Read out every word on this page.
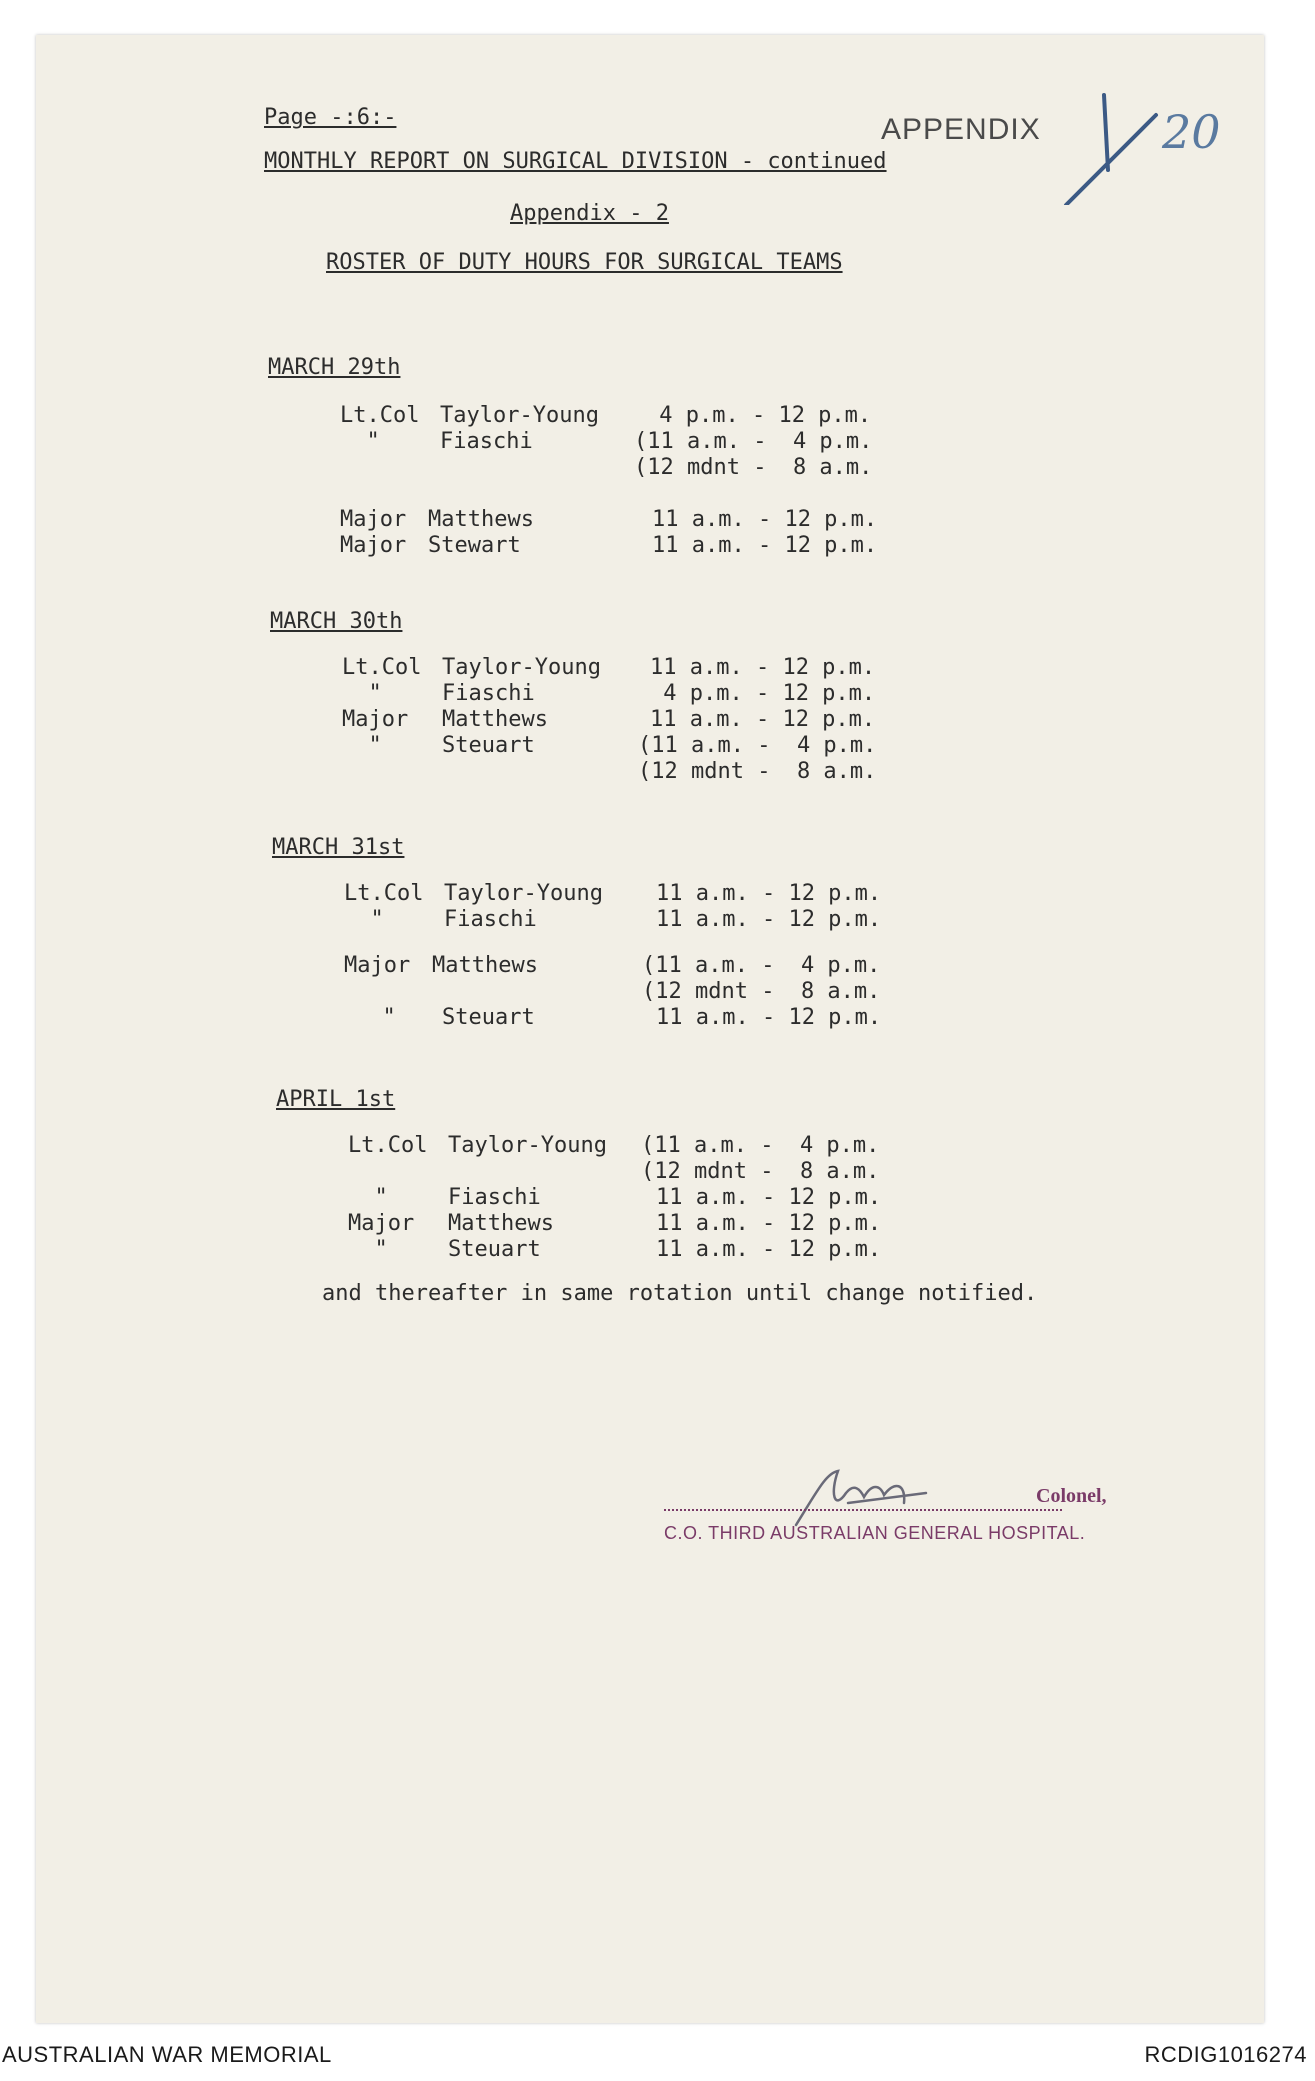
Page -:6:-	APPENDIX	20
MONTHLY REPORT ON SURGICAL DIVISION - continued
Appendix - 2
ROSTER OF DUTY HOURS FOR SURGICAL TEAMS
MARCH 29th
Lt.Col Taylor-Young 4 p.m. - 12 p.m.
"	Fiaschi	(11 a.m. -  4 p.m.
(12 mdnt -  8 a.m.
Major Matthews	11 a.m. - 12 p.m.
Major Stewart	11 a.m. - 12 p.m.
MARCH 30th
Lt.Col Taylor-Young 11 a.m. - 12 p.m.
"	Fiaschi	4 p.m. - 12 p.m.
Major Matthews	11 a.m. - 12 p.m.
"	Steuart	(11 a.m. -  4 p.m.
(12 mdnt -  8 a.m.
MARCH 31st
Lt.Col Taylor-Young 11 a.m. - 12 p.m.
"	Fiaschi	11 a.m. - 12 p.m.
Major Matthews	(11 a.m. -  4 p.m.
(12 mdnt -  8 a.m.
" Steuart	11 a.m. - 12 p.m.
APRIL 1st
Lt.Col Taylor-Young (11 a.m. -  4 p.m.
(12 mdnt -  8 a.m.
"	Fiaschi	11 a.m. - 12 p.m.
Major Matthews	11 a.m. - 12 p.m.
"	Steuart	11 a.m. - 12 p.m.
and thereafter in same rotation until change notified.
Colonel,
C.O. THIRD AUSTRALIAN GENERAL HOSPITAL.
AUSTRALIAN WAR MEMORIAL	RCDIG1016274
